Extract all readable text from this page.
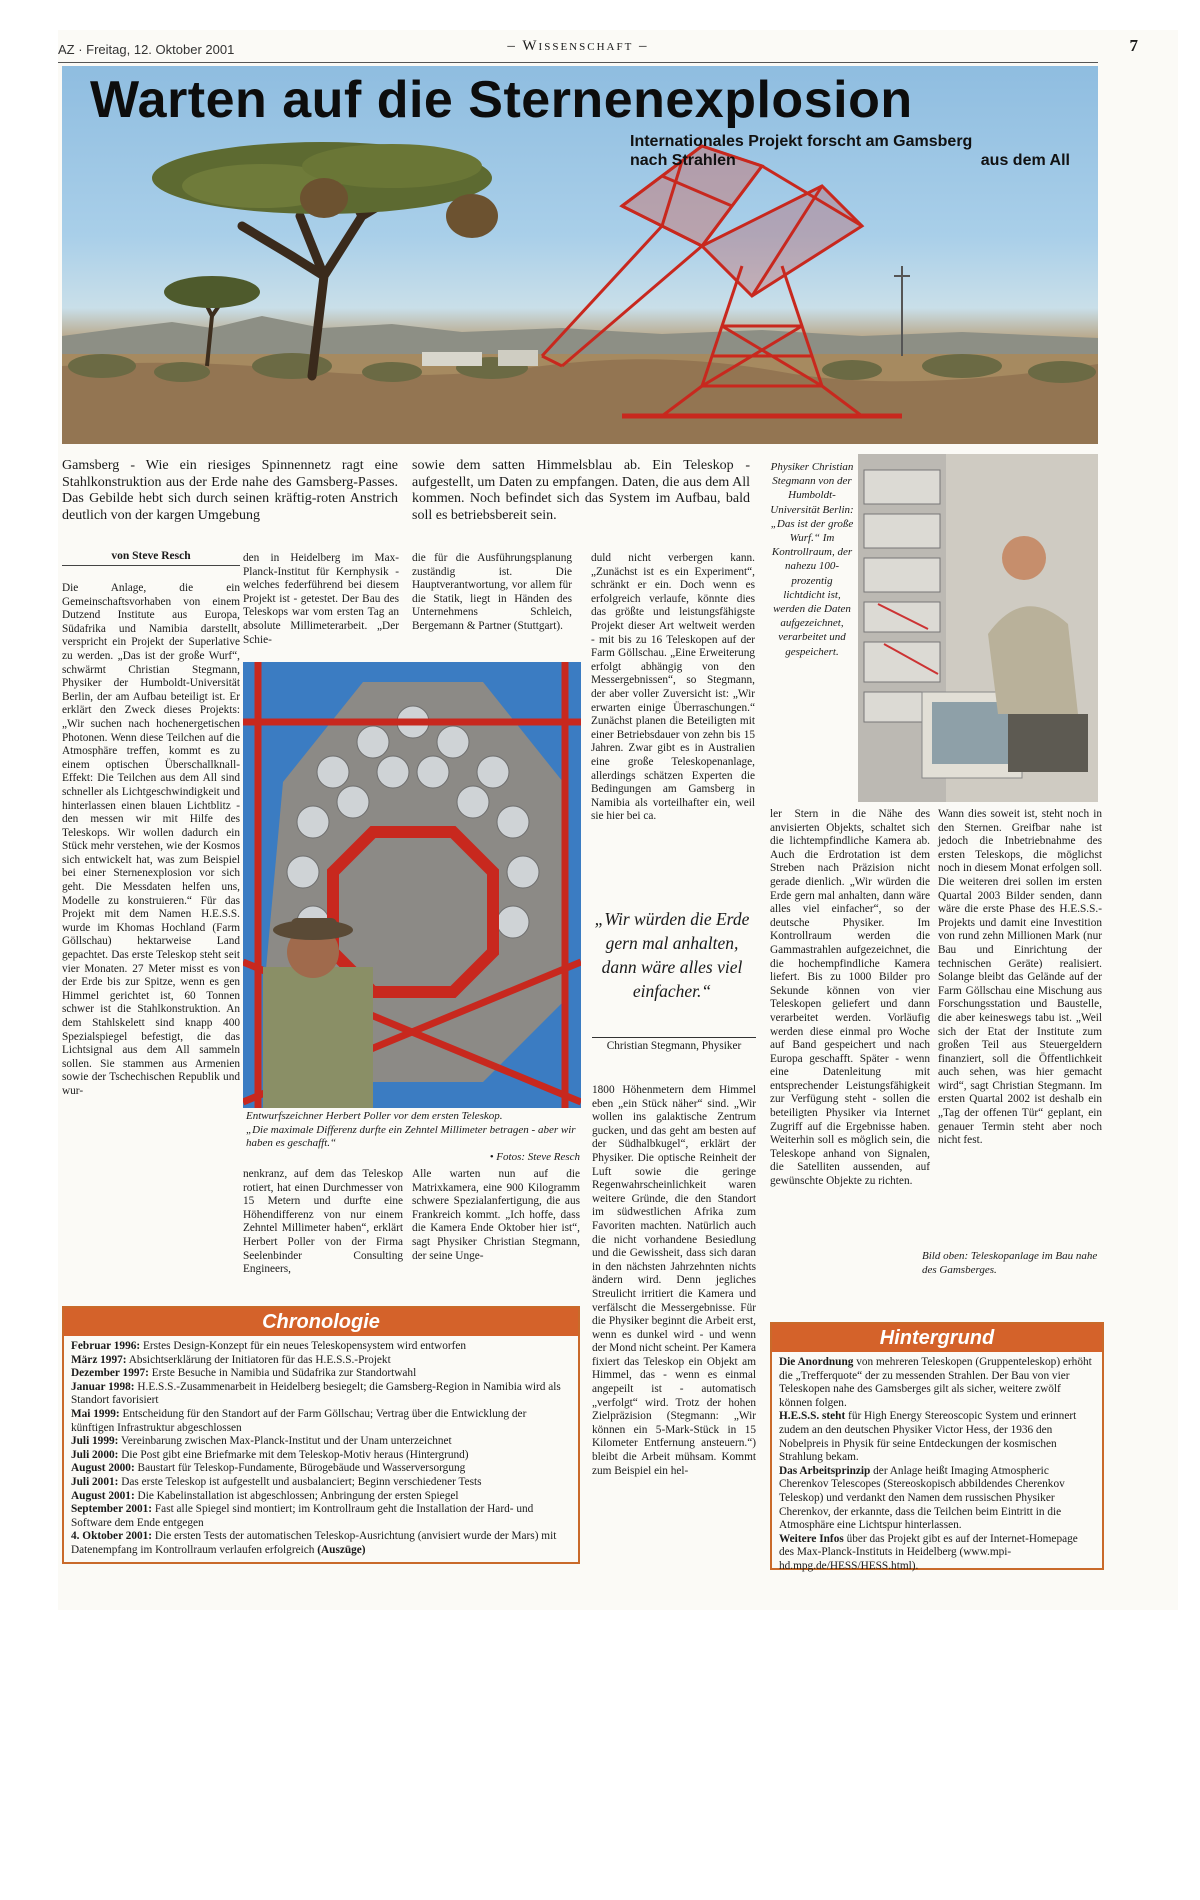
AZ · Freitag, 12. Oktober 2001	– Wissenschaft –	7
Warten auf die Sternenexplosion
Internationales Projekt forscht am Gamsberg
nach Strahlen	aus dem All
Gamsberg - Wie ein riesiges Spinnennetz ragt eine Stahlkonstruktion aus der Erde nahe des Gamsberg-Passes. Das Gebilde hebt sich durch seinen kräftig-roten Anstrich deutlich von der kargen Umgebung
sowie dem satten Himmelsblau ab. Ein Teleskop - aufgestellt, um Daten zu empfangen. Daten, die aus dem All kommen. Noch befindet sich das System im Aufbau, bald soll es betriebsbereit sein.
von Steve Resch
Die Anlage, die ein Gemeinschaftsvorhaben von einem Dutzend Institute aus Europa, Südafrika und Namibia darstellt, verspricht ein Projekt der Superlative zu werden. „Das ist der große Wurf“, schwärmt Christian Stegmann, Physiker der Humboldt-Universität Berlin, der am Aufbau beteiligt ist. Er erklärt den Zweck dieses Projekts: „Wir suchen nach hochenergetischen Photonen. Wenn diese Teilchen auf die Atmosphäre treffen, kommt es zu einem optischen Überschallknall-Effekt: Die Teilchen aus dem All sind schneller als Lichtgeschwindigkeit und hinterlassen einen blauen Lichtblitz - den messen wir mit Hilfe des Teleskops. Wir wollen dadurch ein Stück mehr verstehen, wie der Kosmos sich entwickelt hat, was zum Beispiel bei einer Sternenexplosion vor sich geht. Die Messdaten helfen uns, Modelle zu konstruieren.“ Für das Projekt mit dem Namen H.E.S.S. wurde im Khomas Hochland (Farm Göllschau) hektarweise Land gepachtet. Das erste Teleskop steht seit vier Monaten. 27 Meter misst es von der Erde bis zur Spitze, wenn es gen Himmel gerichtet ist, 60 Tonnen schwer ist die Stahlkonstruktion. An dem Stahlskelett sind knapp 400 Spezialspiegel befestigt, die das Lichtsignal aus dem All sammeln sollen. Sie stammen aus Armenien sowie der Tschechischen Republik und wur-
den in Heidelberg im Max-Planck-Institut für Kernphysik - welches federführend bei diesem Projekt ist - getestet. Der Bau des Teleskops war vom ersten Tag an absolute Millimeterarbeit. „Der Schie-
die für die Ausführungsplanung zuständig ist. Die Hauptverantwortung, vor allem für die Statik, liegt in Händen des Unternehmens Schleich, Bergemann & Partner (Stuttgart).
Entwurfszeichner Herbert Poller vor dem ersten Teleskop.
„Die maximale Differenz durfte ein Zehntel Millimeter betragen - aber wir haben es geschafft.“
• Fotos: Steve Resch
nenkranz, auf dem das Teleskop rotiert, hat einen Durchmesser von 15 Metern und durfte eine Höhendifferenz von nur einem Zehntel Millimeter haben“, erklärt Herbert Poller von der Firma Seelenbinder Consulting Engineers,
Alle warten nun auf die Matrixkamera, eine 900 Kilogramm schwere Spezialanfertigung, die aus Frankreich kommt. „Ich hoffe, dass die Kamera Ende Oktober hier ist“, sagt Physiker Christian Stegmann, der seine Unge-
duld nicht verbergen kann. „Zunächst ist es ein Experiment“, schränkt er ein. Doch wenn es erfolgreich verlaufe, könnte dies das größte und leistungsfähigste Projekt dieser Art weltweit werden - mit bis zu 16 Teleskopen auf der Farm Göllschau. „Eine Erweiterung erfolgt abhängig von den Messergebnissen“, so Stegmann, der aber voller Zuversicht ist: „Wir erwarten einige Überraschungen.“ Zunächst planen die Beteiligten mit einer Betriebsdauer von zehn bis 15 Jahren. Zwar gibt es in Australien eine große Teleskopenanlage, allerdings schätzen Experten die Bedingungen am Gamsberg in Namibia als vorteilhafter ein, weil sie hier bei ca.
„Wir würden die Erde gern mal anhalten, dann wäre alles viel einfacher.“
Christian Stegmann, Physiker
1800 Höhenmetern dem Himmel eben „ein Stück näher“ sind. „Wir wollen ins galaktische Zentrum gucken, und das geht am besten auf der Südhalbkugel“, erklärt der Physiker. Die optische Reinheit der Luft sowie die geringe Regenwahrscheinlichkeit waren weitere Gründe, die den Standort im südwestlichen Afrika zum Favoriten machten. Natürlich auch die nicht vorhandene Besiedlung und die Gewissheit, dass sich daran in den nächsten Jahrzehnten nichts ändern wird. Denn jegliches Streulicht irritiert die Kamera und verfälscht die Messergebnisse. Für die Physiker beginnt die Arbeit erst, wenn es dunkel wird - und wenn der Mond nicht scheint. Per Kamera fixiert das Teleskop ein Objekt am Himmel, das - wenn es einmal angepeilt ist - automatisch „verfolgt“ wird. Trotz der hohen Zielpräzision (Stegmann: „Wir können ein 5-Mark-Stück in 15 Kilometer Entfernung ansteuern.“) bleibt die Arbeit mühsam. Kommt zum Beispiel ein hel-
Physiker Christian Stegmann von der Humboldt-Universität Berlin: „Das ist der große Wurf.“ Im Kontrollraum, der nahezu 100-prozentig lichtdicht ist, werden die Daten aufgezeichnet, verarbeitet und gespeichert.
ler Stern in die Nähe des anvisierten Objekts, schaltet sich die lichtempfindliche Kamera ab. Auch die Erdrotation ist dem Streben nach Präzision nicht gerade dienlich. „Wir würden die Erde gern mal anhalten, dann wäre alles viel einfacher“, so der deutsche Physiker. Im Kontrollraum werden die Gammastrahlen aufgezeichnet, die die hochempfindliche Kamera liefert. Bis zu 1000 Bilder pro Sekunde können von vier Teleskopen geliefert und dann verarbeitet werden. Vorläufig werden diese einmal pro Woche auf Band gespeichert und nach Europa geschafft. Später - wenn eine Datenleitung mit entsprechender Leistungsfähigkeit zur Verfügung steht - sollen die beteiligten Physiker via Internet Zugriff auf die Ergebnisse haben. Weiterhin soll es möglich sein, die Teleskope anhand von Signalen, die Satelliten aussenden, auf gewünschte Objekte zu richten.
Wann dies soweit ist, steht noch in den Sternen. Greifbar nahe ist jedoch die Inbetriebnahme des ersten Teleskops, die möglichst noch in diesem Monat erfolgen soll. Die weiteren drei sollen im ersten Quartal 2003 Bilder senden, dann wäre die erste Phase des H.E.S.S.-Projekts und damit eine Investition von rund zehn Millionen Mark (nur Bau und Einrichtung der technischen Geräte) realisiert. Solange bleibt das Gelände auf der Farm Göllschau eine Mischung aus Forschungsstation und Baustelle, die aber keineswegs tabu ist. „Weil sich der Etat der Institute zum großen Teil aus Steuergeldern finanziert, soll die Öffentlichkeit auch sehen, was hier gemacht wird“, sagt Christian Stegmann. Im ersten Quartal 2002 ist deshalb ein „Tag der offenen Tür“ geplant, ein genauer Termin steht aber noch nicht fest.
Bild oben: Teleskopanlage im Bau nahe des Gamsberges.
Chronologie
Februar 1996: Erstes Design-Konzept für ein neues Teleskopensystem wird entworfen
März 1997: Absichtserklärung der Initiatoren für das H.E.S.S.-Projekt
Dezember 1997: Erste Besuche in Namibia und Südafrika zur Standortwahl
Januar 1998: H.E.S.S.-Zusammenarbeit in Heidelberg besiegelt; die Gamsberg-Region in Namibia wird als Standort favorisiert
Mai 1999: Entscheidung für den Standort auf der Farm Göllschau; Vertrag über die Entwicklung der künftigen Infrastruktur abgeschlossen
Juli 1999: Vereinbarung zwischen Max-Planck-Institut und der Unam unterzeichnet
Juli 2000: Die Post gibt eine Briefmarke mit dem Teleskop-Motiv heraus (Hintergrund)
August 2000: Baustart für Teleskop-Fundamente, Bürogebäude und Wasserversorgung
Juli 2001: Das erste Teleskop ist aufgestellt und ausbalanciert; Beginn verschiedener Tests
August 2001: Die Kabelinstallation ist abgeschlossen; Anbringung der ersten Spiegel
September 2001: Fast alle Spiegel sind montiert; im Kontrollraum geht die Installation der Hard- und Software dem Ende entgegen
4. Oktober 2001: Die ersten Tests der automatischen Teleskop-Ausrichtung (anvisiert wurde der Mars) mit Datenempfang im Kontrollraum verlaufen erfolgreich (Auszüge)
Hintergrund
Die Anordnung von mehreren Teleskopen (Gruppenteleskop) erhöht die „Trefferquote“ der zu messenden Strahlen. Der Bau von vier Teleskopen nahe des Gamsberges gilt als sicher, weitere zwölf können folgen.
H.E.S.S. steht für High Energy Stereoscopic System und erinnert zudem an den deutschen Physiker Victor Hess, der 1936 den Nobelpreis in Physik für seine Entdeckungen der kosmischen Strahlung bekam.
Das Arbeitsprinzip der Anlage heißt Imaging Atmospheric Cherenkov Telescopes (Stereoskopisch abbildendes Cherenkov Teleskop) und verdankt den Namen dem russischen Physiker Cherenkov, der erkannte, dass die Teilchen beim Eintritt in die Atmosphäre eine Lichtspur hinterlassen.
Weitere Infos über das Projekt gibt es auf der Internet-Homepage des Max-Planck-Instituts in Heidelberg (www.mpi-hd.mpg.de/HESS/HESS.html).
